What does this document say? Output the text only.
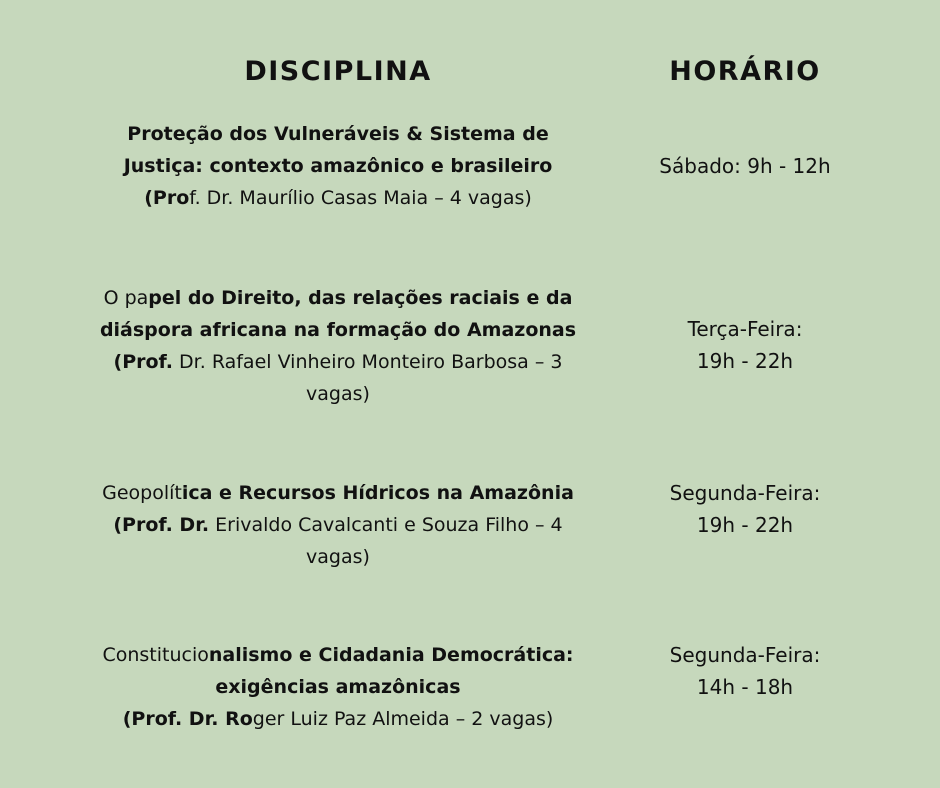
DISCIPLINA	HORÁRIO
Proteção dos Vulneráveis & Sistema de
Justiça: contexto amazônico e brasileiro
(Prof. Dr. Maurílio Casas Maia – 4 vagas)
Sábado: 9h - 12h
O papel do Direito, das relações raciais e da
diáspora africana na formação do Amazonas
(Prof. Dr. Rafael Vinheiro Monteiro Barbosa – 3
vagas)
Terça-Feira:
19h - 22h
Geopolítica e Recursos Hídricos na Amazônia
(Prof. Dr. Erivaldo Cavalcanti e Souza Filho – 4
vagas)
Segunda-Feira:
19h - 22h
Constitucionalismo e Cidadania Democrática:
exigências amazônicas
(Prof. Dr. Roger Luiz Paz Almeida – 2 vagas)
Segunda-Feira:
14h - 18h
